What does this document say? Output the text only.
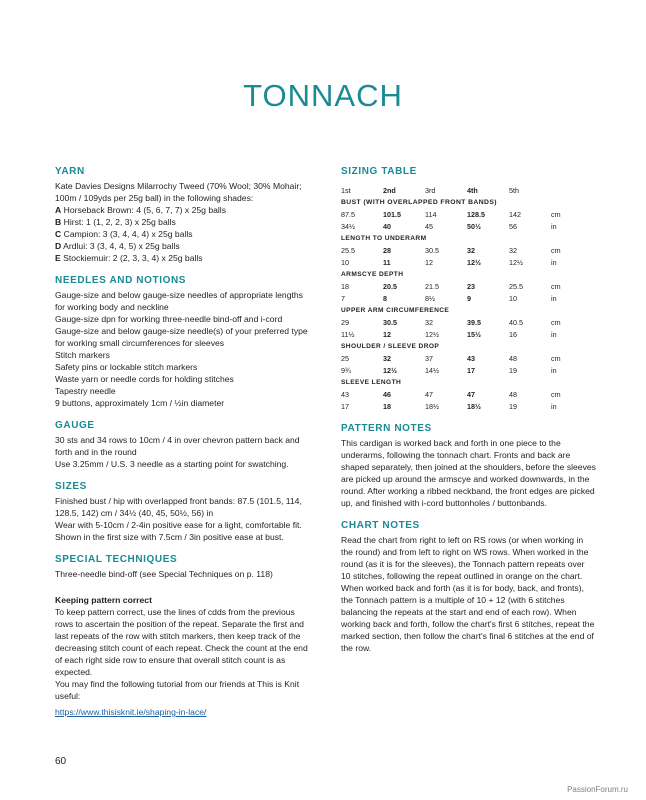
TONNACH
YARN

Kate Davies Designs Milarrochy Tweed (70% Wool; 30% Mohair; 100m / 109yds per 25g ball) in the following shades:

A Horseback Brown: 4 (5, 6, 7, 7) x 25g balls

B Hirst: 1 (1, 2, 2, 3) x 25g balls

C Campion: 3 (3, 4, 4, 4) x 25g balls

D Ardlui: 3 (3, 4, 4, 5) x 25g balls

E Stockiemuir: 2 (2, 3, 3, 4) x 25g balls

NEEDLES AND NOTIONS

Gauge-size and below gauge-size needles of appropriate lengths for working body and neckline

Gauge-size dpn for working three-needle bind-off and i-cord

Gauge-size and below gauge-size needle(s) of your preferred type for working small circumferences for sleeves

Stitch markers

Safety pins or lockable stitch markers

Waste yarn or needle cords for holding stitches

Tapestry needle

9 buttons, approximately 1cm / ½in diameter

GAUGE

30 sts and 34 rows to 10cm / 4 in over chevron pattern back and forth and in the round

Use 3.25mm / U.S. 3 needle as a starting point for swatching.

SIZES

Finished bust / hip with overlapped front bands: 87.5 (101.5, 114, 128.5, 142) cm / 34½ (40, 45, 50½, 56) in

Wear with 5-10cm / 2-4in positive ease for a light, comfortable fit.

Shown in the first size with 7.5cm / 3in positive ease at bust.

SPECIAL TECHNIQUES

Three-needle bind-off (see Special Techniques on p. 118)

Keeping pattern correct

To keep pattern correct, use the lines of cdds from the previous rows to ascertain the position of the repeat. Separate the first and last repeats of the row with stitch markers, then keep track of the decreasing stitch count of each repeat. Check the count at the end of each right side row to ensure that overall stitch count is as expected.

You may find the following tutorial from our friends at This is Knit useful:

https://www.thisisknit.ie/shaping-in-lace/
SIZING TABLE
1st	2nd	3rd	4th	5th	
BUST (WITH OVERLAPPED FRONT BANDS)					
87.5	101.5	114	128.5	142	cm
34½	40	45	50½	56	in
LENGTH TO UNDERARM					
25.5	28	30.5	32	32	cm
10	11	12	12½	12½	in
ARMSCYE DEPTH					
18	20.5	21.5	23	25.5	cm
7	8	8½	9	10	in
UPPER ARM CIRCUMFERENCE					
29	30.5	32	39.5	40.5	cm
11½	12	12½	15½	16	in
SHOULDER / SLEEVE DROP					
25	32	37	43	48	cm
9¾	12½	14½	17	19	in
SLEEVE LENGTH					
43	46	47	47	48	cm
17	18	18½	18½	19	in
PATTERN NOTES

This cardigan is worked back and forth in one piece to the underarms, following the tonnach chart. Fronts and back are shaped separately, then joined at the shoulders, before the sleeves are picked up around the armscye and worked downwards, in the round. After working a ribbed neckband, the front edges are picked up, and finished with i-cord buttonholes / buttonbands.

CHART NOTES

Read the chart from right to left on RS rows (or when working in the round) and from left to right on WS rows. When worked in the round (as it is for the sleeves), the Tonnach pattern repeats over 10 stitches, following the repeat outlined in orange on the chart. When worked back and forth (as it is for body, back, and fronts), the Tonnach pattern is a multiple of 10 + 12 (with 6 stitches balancing the repeats at the start and end of each row). When working back and forth, follow the chart's first 6 stitches, repeat the marked section, then follow the chart's final 6 stitches at the end of the row.

60
PassionForum.ru
